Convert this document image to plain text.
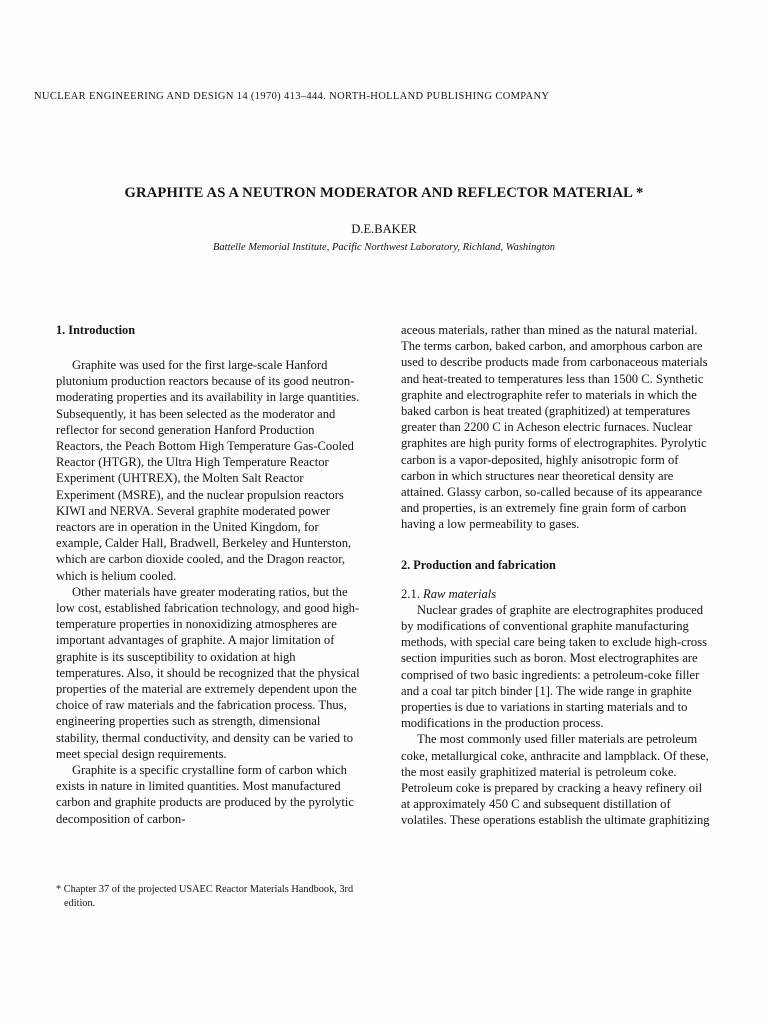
NUCLEAR ENGINEERING AND DESIGN 14 (1970) 413–444. NORTH-HOLLAND PUBLISHING COMPANY
GRAPHITE AS A NEUTRON MODERATOR AND REFLECTOR MATERIAL *
D.E.BAKER
Battelle Memorial Institute, Pacific Northwest Laboratory, Richland, Washington
1. Introduction

Graphite was used for the first large-scale Hanford plutonium production reactors because of its good neutron-moderating properties and its availability in large quantities. Subsequently, it has been selected as the moderator and reflector for second generation Hanford Production Reactors, the Peach Bottom High Temperature Gas-Cooled Reactor (HTGR), the Ultra High Temperature Reactor Experiment (UHTREX), the Molten Salt Reactor Experiment (MSRE), and the nuclear propulsion reactors KIWI and NERVA. Several graphite moderated power reactors are in operation in the United Kingdom, for example, Calder Hall, Bradwell, Berkeley and Hunterston, which are carbon dioxide cooled, and the Dragon reactor, which is helium cooled.

Other materials have greater moderating ratios, but the low cost, established fabrication technology, and good high-temperature properties in nonoxidizing atmospheres are important advantages of graphite. A major limitation of graphite is its susceptibility to oxidation at high temperatures. Also, it should be recognized that the physical properties of the material are extremely dependent upon the choice of raw materials and the fabrication process. Thus, engineering properties such as strength, dimensional stability, thermal conductivity, and density can be varied to meet special design requirements.

Graphite is a specific crystalline form of carbon which exists in nature in limited quantities. Most manufactured carbon and graphite products are produced by the pyrolytic decomposition of carbon-

aceous materials, rather than mined as the natural material. The terms carbon, baked carbon, and amorphous carbon are used to describe products made from carbonaceous materials and heat-treated to temperatures less than 1500 C. Synthetic graphite and electrographite refer to materials in which the baked carbon is heat treated (graphitized) at temperatures greater than 2200 C in Acheson electric furnaces. Nuclear graphites are high purity forms of electrographites. Pyrolytic carbon is a vapor-deposited, highly anisotropic form of carbon in which structures near theoretical density are attained. Glassy carbon, so-called because of its appearance and properties, is an extremely fine grain form of carbon having a low permeability to gases.

2. Production and fabrication

2.1. Raw materials

Nuclear grades of graphite are electrographites produced by modifications of conventional graphite manufacturing methods, with special care being taken to exclude high-cross section impurities such as boron. Most electrographites are comprised of two basic ingredients: a petroleum-coke filler and a coal tar pitch binder [1]. The wide range in graphite properties is due to variations in starting materials and to modifications in the production process.

The most commonly used filler materials are petroleum coke, metallurgical coke, anthracite and lampblack. Of these, the most easily graphitized material is petroleum coke. Petroleum coke is prepared by cracking a heavy refinery oil at approximately 450 C and subsequent distillation of volatiles. These operations establish the ultimate graphitizing

* Chapter 37 of the projected USAEC Reactor Materials Handbook, 3rd edition.
